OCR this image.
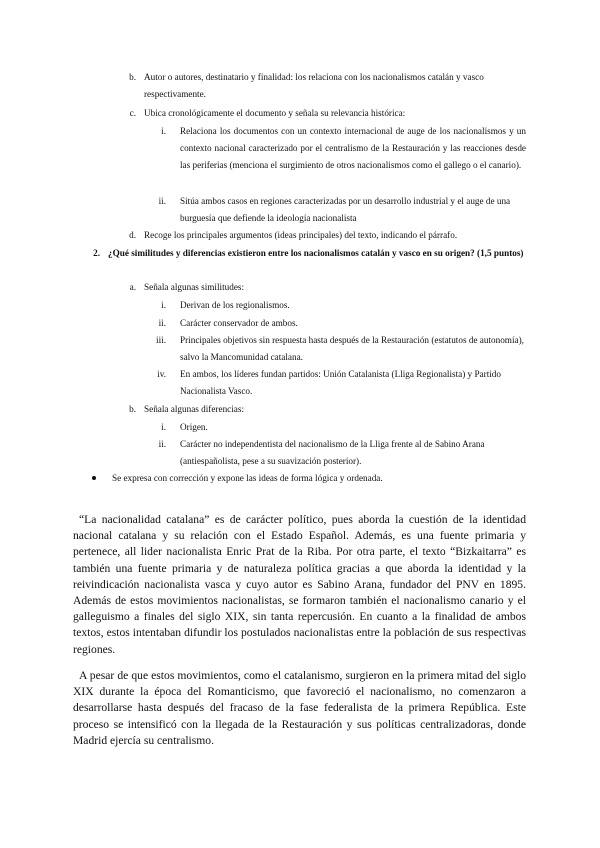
b. Autor o autores, destinatario y finalidad: los relaciona con los nacionalismos catalán y vasco respectivamente.
c. Ubica cronológicamente el documento y señala su relevancia histórica:
i. Relaciona los documentos con un contexto internacional de auge de los nacionalismos y un contexto nacional caracterizado por el centralismo de la Restauración y las reacciones desde las periferias (menciona el surgimiento de otros nacionalismos como el gallego o el canario).
ii. Sitúa ambos casos en regiones caracterizadas por un desarrollo industrial y el auge de una burguesía que defiende la ideología nacionalista
d. Recoge los principales argumentos (ideas principales) del texto, indicando el párrafo.
2. ¿Qué similitudes y diferencias existieron entre los nacionalismos catalán y vasco en su origen? (1,5 puntos)
a. Señala algunas similitudes:
i. Derivan de los regionalismos.
ii. Carácter conservador de ambos.
iii. Principales objetivos sin respuesta hasta después de la Restauración (estatutos de autonomía), salvo la Mancomunidad catalana.
iv. En ambos, los líderes fundan partidos: Unión Catalanista (Lliga Regionalista) y Partido Nacionalista Vasco.
b. Señala algunas diferencias:
i. Origen.
ii. Carácter no independentista del nacionalismo de la Lliga frente al de Sabino Arana (antiespañolista, pese a su suavización posterior).
Se expresa con corrección y expone las ideas de forma lógica y ordenada.

“La nacionalidad catalana” es de carácter político, pues aborda la cuestión de la identidad nacional catalana y su relación con el Estado Español. Además, es una fuente primaria y pertenece, all lider nacionalista Enric Prat de la Riba. Por otra parte, el texto “Bizkaitarra” es también una fuente primaria y de naturaleza política gracias a que aborda la identidad y la reivindicación nacionalista vasca y cuyo autor es Sabino Arana, fundador del PNV en 1895. Además de estos movimientos nacionalistas, se formaron también el nacionalismo canario y el galleguismo a finales del siglo XIX, sin tanta repercusión. En cuanto a la finalidad de ambos textos, estos intentaban difundir los postulados nacionalistas entre la población de sus respectivas regiones.

A pesar de que estos movimientos, como el catalanismo, surgieron en la primera mitad del siglo XIX durante la época del Romanticismo, que favoreció el nacionalismo, no comenzaron a desarrollarse hasta después del fracaso de la fase federalista de la primera República. Este proceso se intensificó con la llegada de la Restauración y sus políticas centralizadoras, donde Madrid ejercía su centralismo.
